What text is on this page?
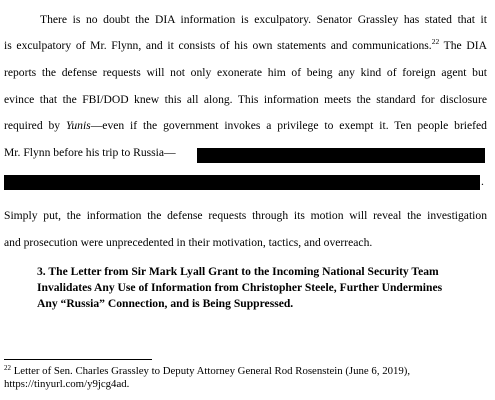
There is no doubt the DIA information is exculpatory. Senator Grassley has stated that it
is exculpatory of Mr. Flynn, and it consists of his own statements and communications.$^{22}$ The DIA
reports the defense requests will not only exonerate him of being any kind of foreign agent but
evince that the FBI/DOD knew this all along. This information meets the standard for disclosure
required by Yunis—even if the government invokes a privilege to exempt it. Ten people briefed
Mr. Flynn before his trip to Russia—
.
Simply put, the information the defense requests through its motion will reveal the investigation
and prosecution were unprecedented in their motivation, tactics, and overreach.
3. The Letter from Sir Mark Lyall Grant to the Incoming National Security Team
Invalidates Any Use of Information from Christopher Steele, Further Undermines
Any “Russia” Connection, and is Being Suppressed.
$^{22}$ Letter of Sen. Charles Grassley to Deputy Attorney General Rod Rosenstein (June 6, 2019),
https://tinyurl.com/y9jcg4ad.
